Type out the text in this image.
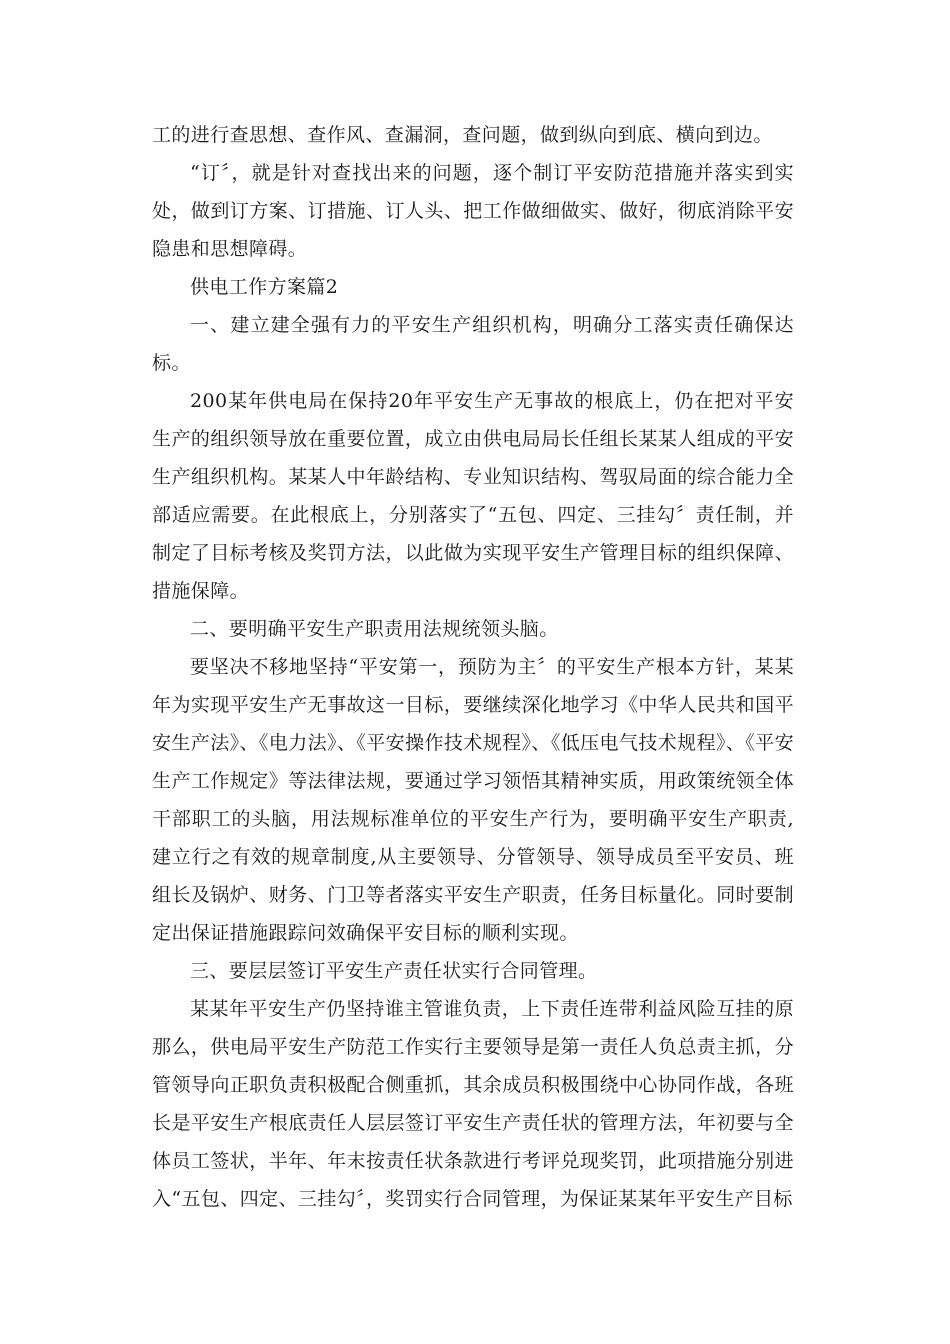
工的进行查思想、查作风、查漏洞，查问题，做到纵向到底、横向到边。

“订〞，就是针对查找出来的问题，逐个制订平安防范措施并落实到实处，做到订方案、订措施、订人头、把工作做细做实、做好，彻底消除平安隐患和思想障碍。

供电工作方案篇2

一、建立建全强有力的平安生产组织机构，明确分工落实责任确保达标。

200某年供电局在保持20年平安生产无事故的根底上，仍在把对平安生产的组织领导放在重要位置，成立由供电局局长任组长某某人组成的平安生产组织机构。某某人中年龄结构、专业知识结构、驾驭局面的综合能力全部适应需要。在此根底上，分别落实了“五包、四定、三挂勾〞责任制，并制定了目标考核及奖罚方法，以此做为实现平安生产管理目标的组织保障、措施保障。

二、要明确平安生产职责用法规统领头脑。

要坚决不移地坚持“平安第一，预防为主〞的平安生产根本方针，某某年为实现平安生产无事故这一目标，要继续深化地学习《中华人民共和国平安生产法》、《电力法》、《平安操作技术规程》、《低压电气技术规程》、《平安生产工作规定》等法律法规，要通过学习领悟其精神实质，用政策统领全体干部职工的头脑，用法规标准单位的平安生产行为，要明确平安生产职责,建立行之有效的规章制度,从主要领导、分管领导、领导成员至平安员、班组长及锅炉、财务、门卫等者落实平安生产职责，任务目标量化。同时要制定出保证措施跟踪问效确保平安目标的顺利实现。

三、要层层签订平安生产责任状实行合同管理。

某某年平安生产仍坚持谁主管谁负责，上下责任连带利益风险互挂的原那么，供电局平安生产防范工作实行主要领导是第一责任人负总责主抓，分管领导向正职负责积极配合侧重抓，其余成员积极围绕中心协同作战，各班长是平安生产根底责任人层层签订平安生产责任状的管理方法，年初要与全体员工签状，半年、年末按责任状条款进行考评兑现奖罚，此项措施分别进入“五包、四定、三挂勾〞，奖罚实行合同管理，为保证某某年平安生产目标
